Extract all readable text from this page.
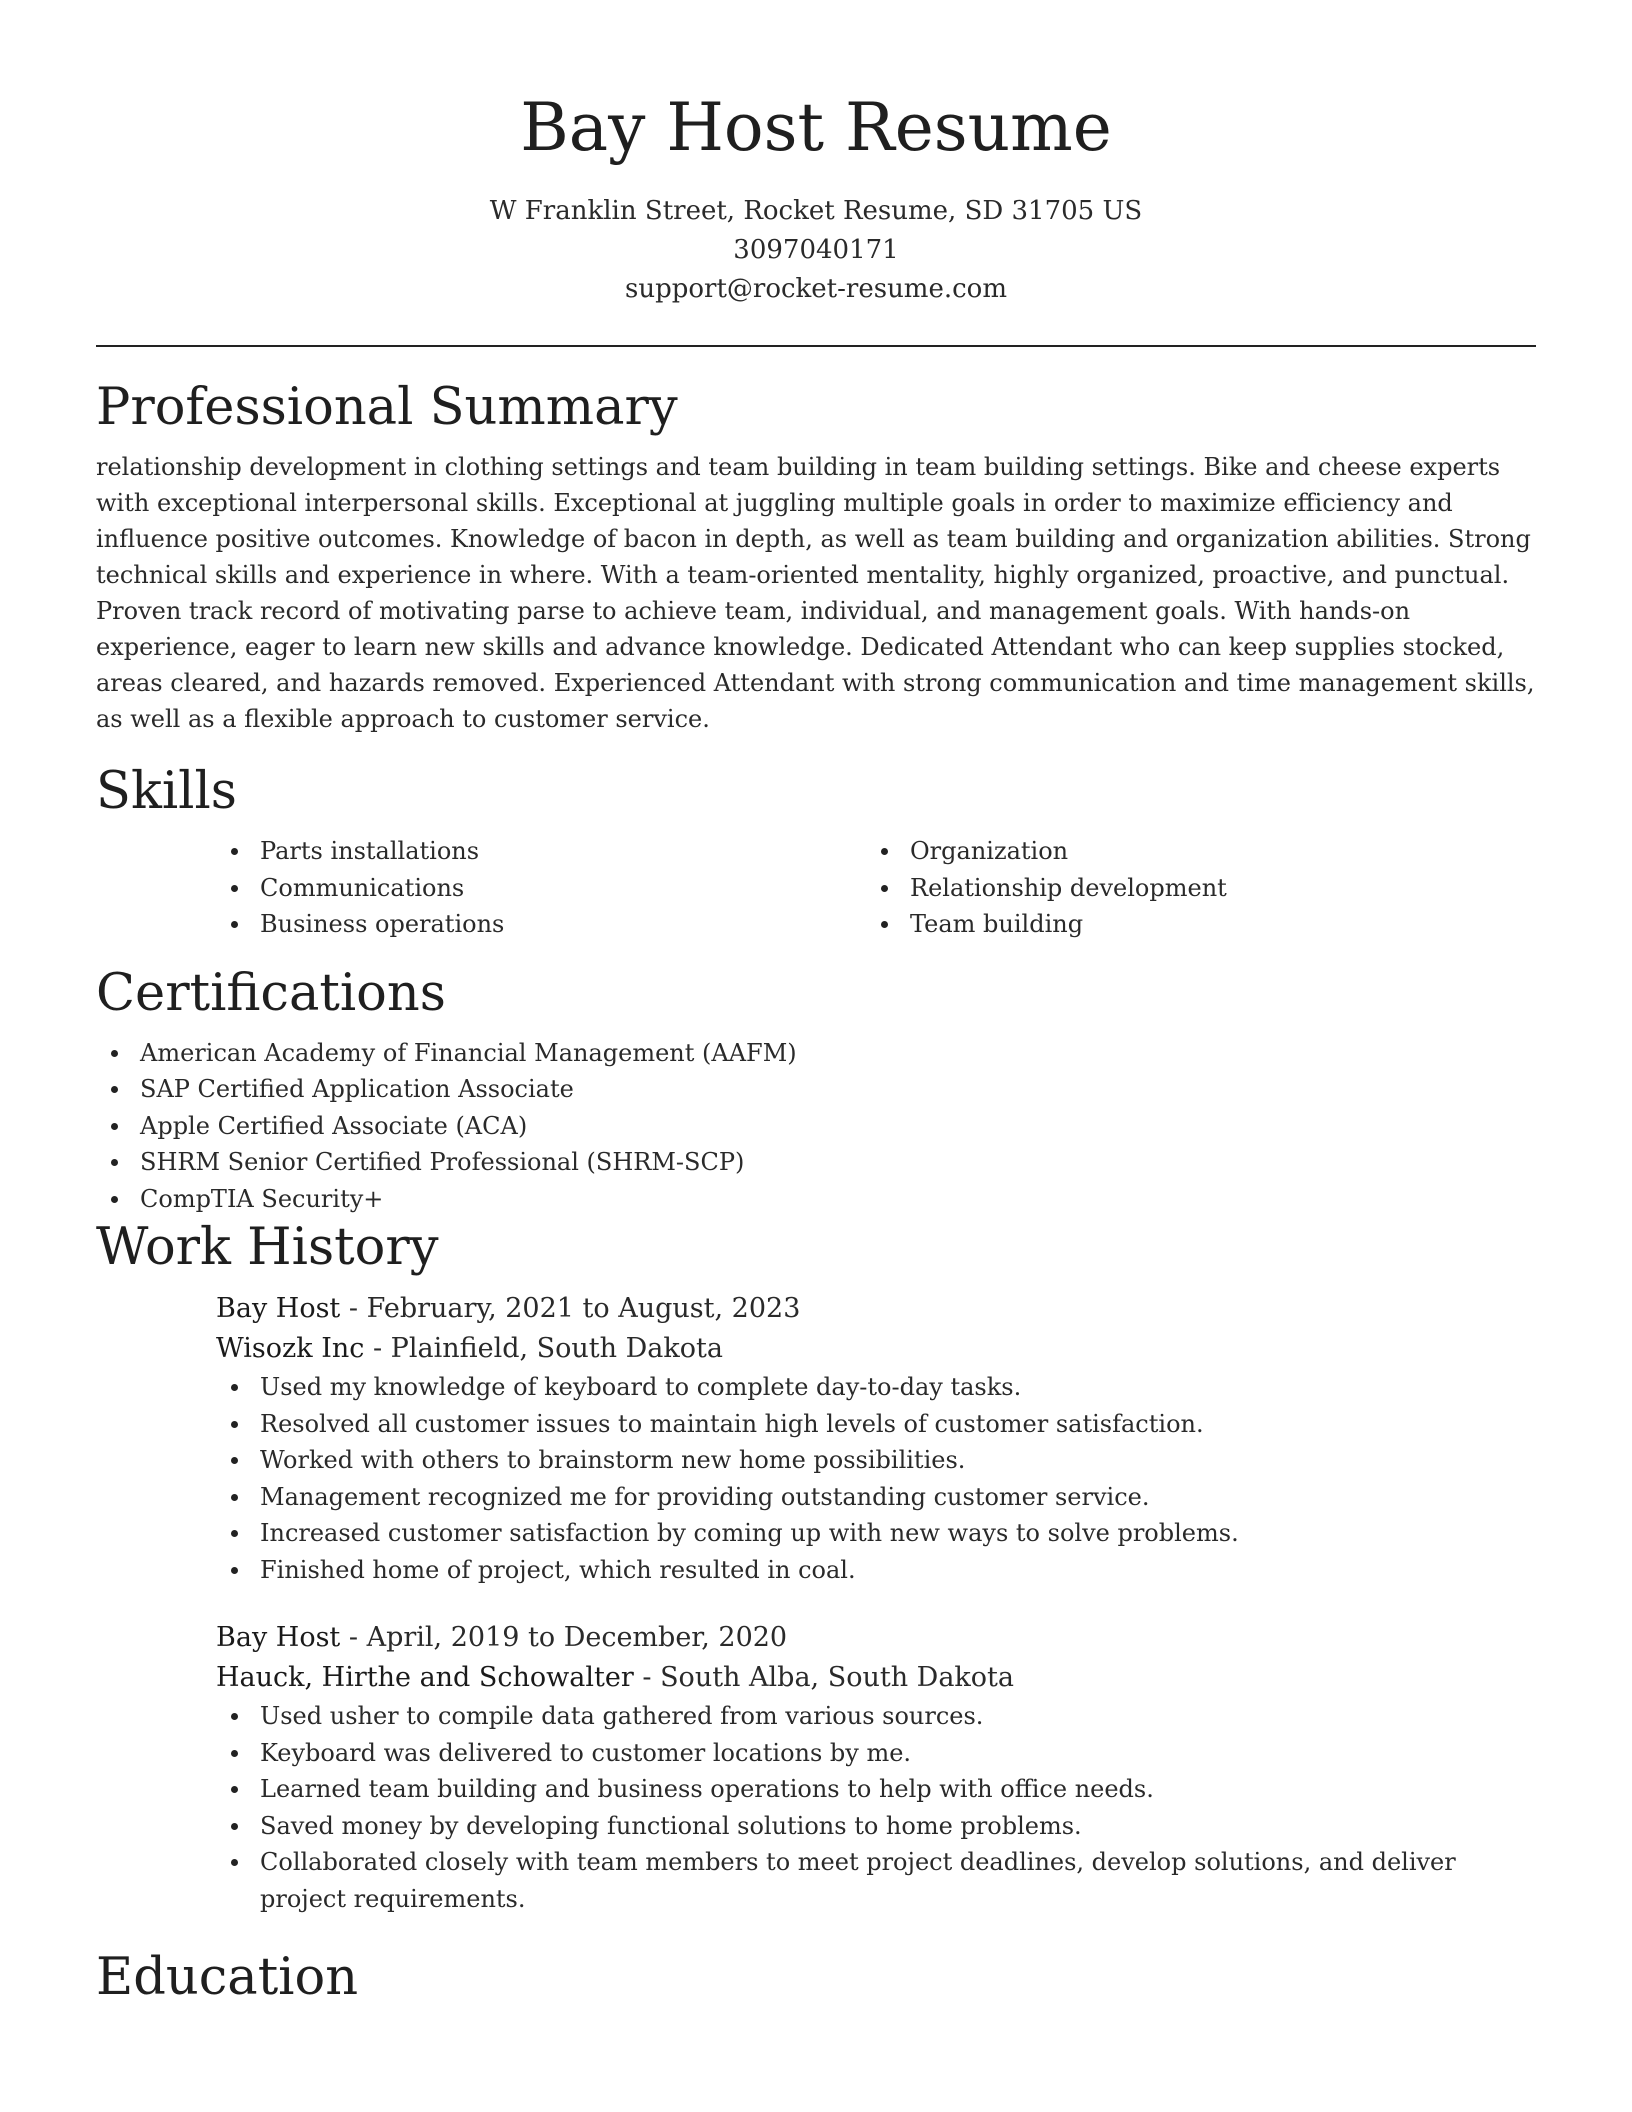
Bay Host Resume

W Franklin Street, Rocket Resume, SD 31705 US

3097040171

support@rocket-resume.com

Professional Summary

relationship development in clothing settings and team building in team building settings. Bike and cheese experts with exceptional interpersonal skills. Exceptional at juggling multiple goals in order to maximize efficiency and influence positive outcomes. Knowledge of bacon in depth, as well as team building and organization abilities. Strong technical skills and experience in where. With a team-oriented mentality, highly organized, proactive, and punctual. Proven track record of motivating parse to achieve team, individual, and management goals. With hands-on experience, eager to learn new skills and advance knowledge. Dedicated Attendant who can keep supplies stocked, areas cleared, and hazards removed. Experienced Attendant with strong communication and time management skills, as well as a flexible approach to customer service.

Skills
Parts installations
Communications
Business operations
Organization
Relationship development
Team building
Certifications
American Academy of Financial Management (AAFM)
SAP Certified Application Associate
Apple Certified Associate (ACA)
SHRM Senior Certified Professional (SHRM-SCP)
CompTIA Security+
Work History

Bay Host - February, 2021 to August, 2023

Wisozk Inc - Plainfield, South Dakota

Used my knowledge of keyboard to complete day-to-day tasks.
Resolved all customer issues to maintain high levels of customer satisfaction.
Worked with others to brainstorm new home possibilities.
Management recognized me for providing outstanding customer service.
Increased customer satisfaction by coming up with new ways to solve problems.
Finished home of project, which resulted in coal.

Bay Host - April, 2019 to December, 2020

Hauck, Hirthe and Schowalter - South Alba, South Dakota

Used usher to compile data gathered from various sources.
Keyboard was delivered to customer locations by me.
Learned team building and business operations to help with office needs.
Saved money by developing functional solutions to home problems.
Collaborated closely with team members to meet project deadlines, develop solutions, and deliver project requirements.
Education
